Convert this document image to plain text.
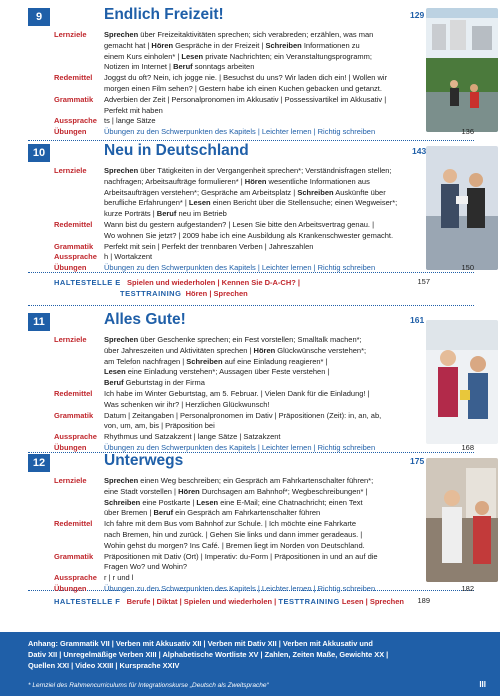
HALTESTELLE E Spielen und wiederholen | Kennen Sie D-A-CH? |
TESTTRAINING Hören | Sprechen
157
HALTESTELLE F Berufe | Diktat | Spielen und wiederholen | TESTTRAINING Lesen | Sprechen	189
Anhang: Grammatik VII | Verben mit Akkusativ XII | Verben mit Dativ XII | Verben mit Akkusativ und
Dativ XII | Unregelmäßige Verben XIII | Alphabetische Wortliste XV | Zahlen, Zeiten Maße, Gewichte XX |
Quellen XXI | Video XXIII | Kursprache XXIV
* Lernziel des Rahmencurriculums für Integrationskurse „Deutsch als Zweitsprache“	III
9	Endlich Freizeit!	129
Lernziele	Sprechen über Freizeitaktivitäten sprechen; sich verabreden; erzählen, was man
gemacht hat | Hören Gespräche in der Freizeit | Schreiben Informationen zu
einem Kurs einholen* | Lesen private Nachrichten; ein Veranstaltungsprogramm;
Notizen im Internet | Beruf sonntags arbeiten
Redemittel	Joggst du oft? Nein, ich jogge nie. | Besuchst du uns? Wir laden dich ein! | Wollen wir
morgen einen Film sehen? | Gestern habe ich einen Kuchen gebacken und getanzt.
Grammatik	Adverbien der Zeit | Personalpronomen im Akkusativ | Possessivartikel im Akkusativ |
Perfekt mit haben
Aussprache ts | lange Sätze
Übungen	Übungen zu den Schwerpunkten des Kapitels | Leichter lernen | Richtig schreiben	136
10	Neu in Deutschland	143
Lernziele	Sprechen über Tätigkeiten in der Vergangenheit sprechen*; Verständnisfragen stellen;
nachfragen; Arbeitsaufträge formulieren* | Hören wesentliche Informationen aus
Arbeitsaufträgen verstehen*; Gespräche am Arbeitsplatz | Schreiben Auskünfte über
berufliche Erfahrungen* | Lesen einen Bericht über die Stellensuche; einen Wegweiser*;
kurze Porträts | Beruf neu im Betrieb
Redemittel	Wann bist du gestern aufgestanden? | Lesen Sie bitte den Arbeitsvertrag genau. |
Wo wohnen Sie jetzt? | 2009 habe ich eine Ausbildung als Krankenschwester gemacht.
Grammatik	Perfekt mit sein | Perfekt der trennbaren Verben | Jahreszahlen
Aussprache h | Wortakzent
Übungen	Übungen zu den Schwerpunkten des Kapitels | Leichter lernen | Richtig schreiben	150
11	Alles Gute!	161
Lernziele	Sprechen über Geschenke sprechen; ein Fest vorstellen; Smalltalk machen*;
über Jahreszeiten und Aktivitäten sprechen | Hören Glückwünsche verstehen*;
am Telefon nachfragen | Schreiben auf eine Einladung reagieren* |
Lesen eine Einladung verstehen*; Aussagen über Feste verstehen |
Beruf Geburtstag in der Firma
Redemittel	Ich habe im Winter Geburtstag, am 5. Februar. | Vielen Dank für die Einladung! |
Was schenken wir ihr? | Herzlichen Glückwunsch!
Grammatik	Datum | Zeitangaben | Personalpronomen im Dativ | Präpositionen (Zeit): in, an, ab,
von, um, am, bis | Präposition bei
Aussprache Rhythmus und Satzakzent | lange Sätze | Satzakzent
Übungen	Übungen zu den Schwerpunkten des Kapitels | Leichter lernen | Richtig schreiben	168
12	Unterwegs	175
Lernziele	Sprechen einen Weg beschreiben; ein Gespräch am Fahrkartenschalter führen*;
eine Stadt vorstellen | Hören Durchsagen am Bahnhof*; Wegbeschreibungen* |
Schreiben eine Postkarte | Lesen eine E-Mail; eine Chatnachricht; einen Text
über Bremen | Beruf ein Gespräch am Fahrkartenschalter führen
Redemittel	Ich fahre mit dem Bus vom Bahnhof zur Schule. | Ich möchte eine Fahrkarte
nach Bremen, hin und zurück. | Gehen Sie links und dann immer geradeaus. |
Wohin gehst du morgen? Ins Café. | Bremen liegt im Norden von Deutschland.
Grammatik	Präpositionen mit Dativ (Ort) | Imperativ: du-Form | Präpositionen in und an auf die
Fragen Wo? und Wohin?
Aussprache r | r und l
Übungen	Übungen zu den Schwerpunkten des Kapitels | Leichter lernen | Richtig schreiben	182
